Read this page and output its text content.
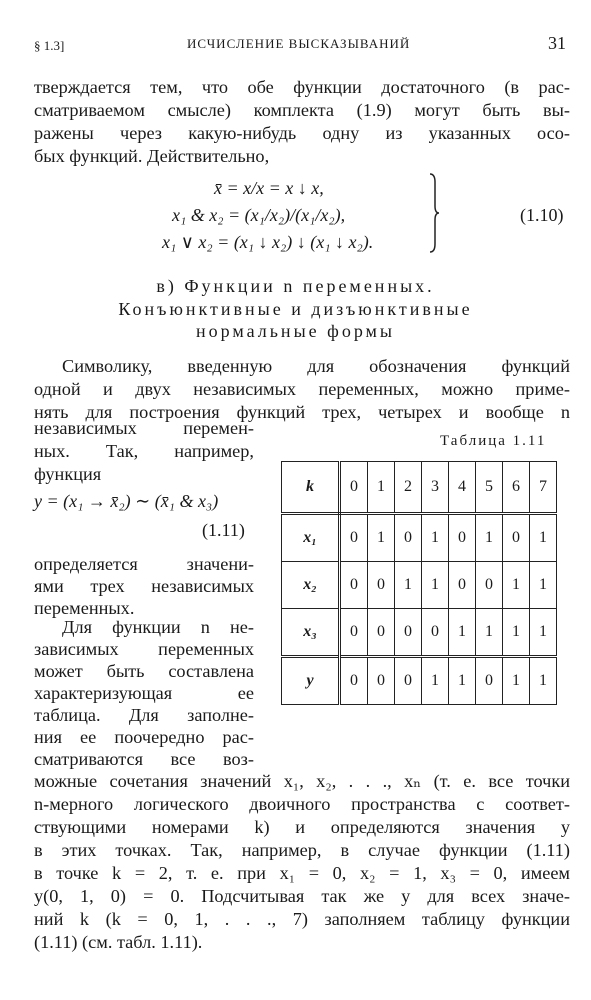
§ 1.3]	ИСЧИСЛЕНИЕ ВЫСКАЗЫВАНИЙ	31
тверждается тем, что обе функции достаточного (в рас-
сматриваемом смысле) комплекта (1.9) могут быть вы-
ражены через какую-нибудь одну из указанных осо-
бых функций. Действительно,
x̄ = x/x = x ↓ x,
x₁ & x₂ = (x₁/x₂)/(x₁/x₂),
x₁ ∨ x₂ = (x₁ ↓ x₂) ↓ (x₁ ↓ x₂).
(1.10)
в) Функции n переменных.
Конъюнктивные и дизъюнктивные
нормальные формы
Символику, введенную для обозначения функций
одной и двух независимых переменных, можно приме-
нять для построения функций трех, четырех и вообще n
независимых перемен-
ных. Так, например,
функция
y = (x₁ → x̄₂) ∼ (x̄₁ & x₃)
(1.11)
определяется значени-
ями трех независимых
переменных.
Для функции n не-
зависимых переменных
может быть составлена
характеризующая ее
таблица. Для заполне-
ния ее поочередно рас-
сматриваются все воз-
можные сочетания значений x₁, x₂, . . ., xₙ (т. е. все точки
n-мерного логического двоичного пространства с соответ-
ствующими номерами k) и определяются значения y
в этих точках. Так, например, в случае функции (1.11)
в точке k = 2, т. е. при x₁ = 0, x₂ = 1, x₃ = 0, имеем
y(0, 1, 0) = 0. Подсчитывая так же y для всех значе-
ний k (k = 0, 1, . . ., 7) заполняем таблицу функции
(1.11) (см. табл. 1.11).
Таблица 1.11
k	0	1	2	3	4	5	6	7
x₁	0	1	0	1	0	1	0	1
x₂	0	0	1	1	0	0	1	1
x₃	0	0	0	0	1	1	1	1
y	0	0	0	1	1	0	1	1
